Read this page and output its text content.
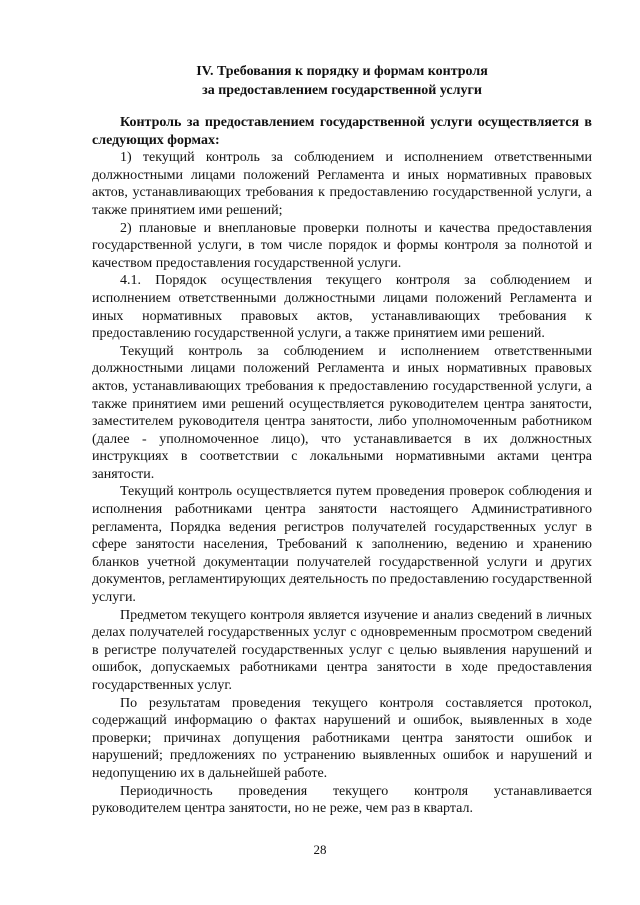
IV. Требования к порядку и формам контроля
за предоставлением государственной услуги

Контроль за предоставлением государственной услуги осуществляется в следующих формах:

1) текущий контроль за соблюдением и исполнением ответственными должностными лицами положений Регламента и иных нормативных правовых актов, устанавливающих требования к предоставлению государственной услуги, а также принятием ими решений;

2) плановые и внеплановые проверки полноты и качества предоставления государственной услуги, в том числе порядок и формы контроля за полнотой и качеством предоставления государственной услуги.

4.1. Порядок осуществления текущего контроля за соблюдением и исполнением ответственными должностными лицами положений Регламента и иных нормативных правовых актов, устанавливающих требования к предоставлению государственной услуги, а также принятием ими решений.

Текущий контроль за соблюдением и исполнением ответственными должностными лицами положений Регламента и иных нормативных правовых актов, устанавливающих требования к предоставлению государственной услуги, а также принятием ими решений осуществляется руководителем центра занятости, заместителем руководителя центра занятости, либо уполномоченным работником (далее - уполномоченное лицо), что устанавливается в их должностных инструкциях в соответствии с локальными нормативными актами центра занятости.

Текущий контроль осуществляется путем проведения проверок соблюдения и исполнения работниками центра занятости настоящего Административного регламента, Порядка ведения регистров получателей государственных услуг в сфере занятости населения, Требований к заполнению, ведению и хранению бланков учетной документации получателей государственной услуги и других документов, регламентирующих деятельность по предоставлению государственной услуги.

Предметом текущего контроля является изучение и анализ сведений в личных делах получателей государственных услуг с одновременным просмотром сведений в регистре получателей государственных услуг с целью выявления нарушений и ошибок, допускаемых работниками центра занятости в ходе предоставления государственных услуг.

По результатам проведения текущего контроля составляется протокол, содержащий информацию о фактах нарушений и ошибок, выявленных в ходе проверки; причинах допущения работниками центра занятости ошибок и нарушений; предложениях по устранению выявленных ошибок и нарушений и недопущению их в дальнейшей работе.

Периодичность проведения текущего контроля устанавливается руководителем центра занятости, но не реже, чем раз в квартал.

28
